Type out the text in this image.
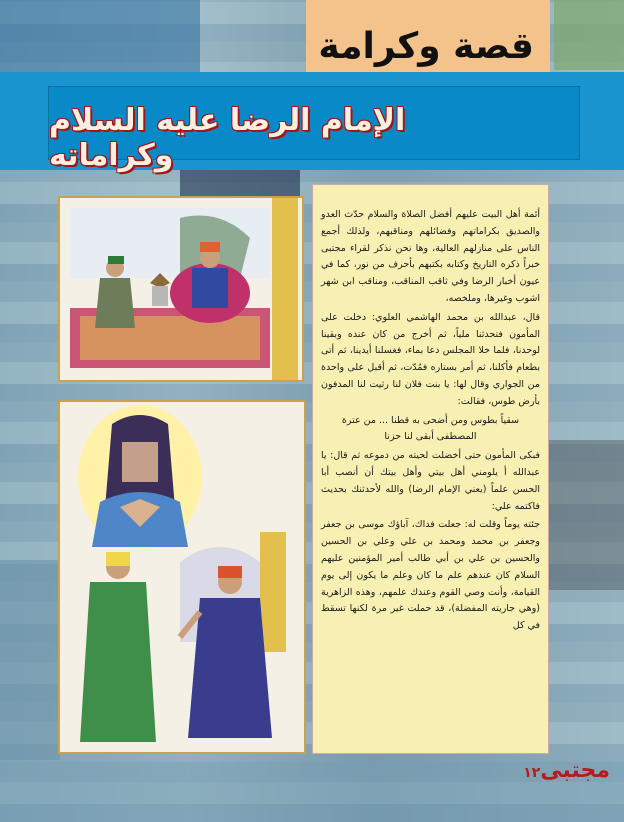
قصة وكرامة
الإمام الرضا عليه السلام وكراماته

أئمة أهل البيت عليهم أفضل الصلاة والسلام حدّث العدو والصديق بكراماتهم وفضائلهم ومناقبهم، ولذلك أجمع الناس على منازلهم العالية، وها نحن نذكر لقراء مجتبى خبراً ذكره التاريخ وكتابه بكتبهم بأحرف من نور، كما في عيون أخبار الرضا وفي ثاقب المناقب، ومناقب ابن شهر اشوب وغيرها، وملخصه،

قال، عبدالله بن محمد الهاشمي العلوي: دخلت على المأمون فتحدثنا ملياً، ثم أخرج من كان عنده وبقينا لوحدنا، فلما خلا المجلس دعا بماء، فغسلنا أيدينا، ثم أتى بطعام فأكلنا، ثم أمر بستاره فمُدّت، ثم أقبل على واحدة من الجواري وقال لها: يا بنت فلان لنا رثيت لنا المدفون بأرض طوس، فقالت:

سقياً بطوس ومن أضحى به قطنا ... من عترة المصطفى أبقى لنا حزنا

فبكى المأمون حتى أخضلت لحيته من دموعه ثم قال: يا عبدالله أ يلومني أهل بيتي وأهل بيتك أن أنصب أبا الحسن علماً (يعني الإمام الرضا) والله لأحدثنك بحديث فاكتمه علي:

جئته يوماً وقلت له: جعلت فداك، آباؤك موسى بن جعفر وجعفر بن محمد ومحمد بن علي وعلي بن الحسين والحسين بن علي بن أبي طالب أمير المؤمنين عليهم السلام كان عندهم علم ما كان وعلم ما يكون إلى يوم القيامة، وأنت وصي القوم وعندك علمهم، وهذه الزاهرية (وهي جاريته المفضلة)، قد حملت غير مرة لكنها تسقط في كل

مجتبى١٢
